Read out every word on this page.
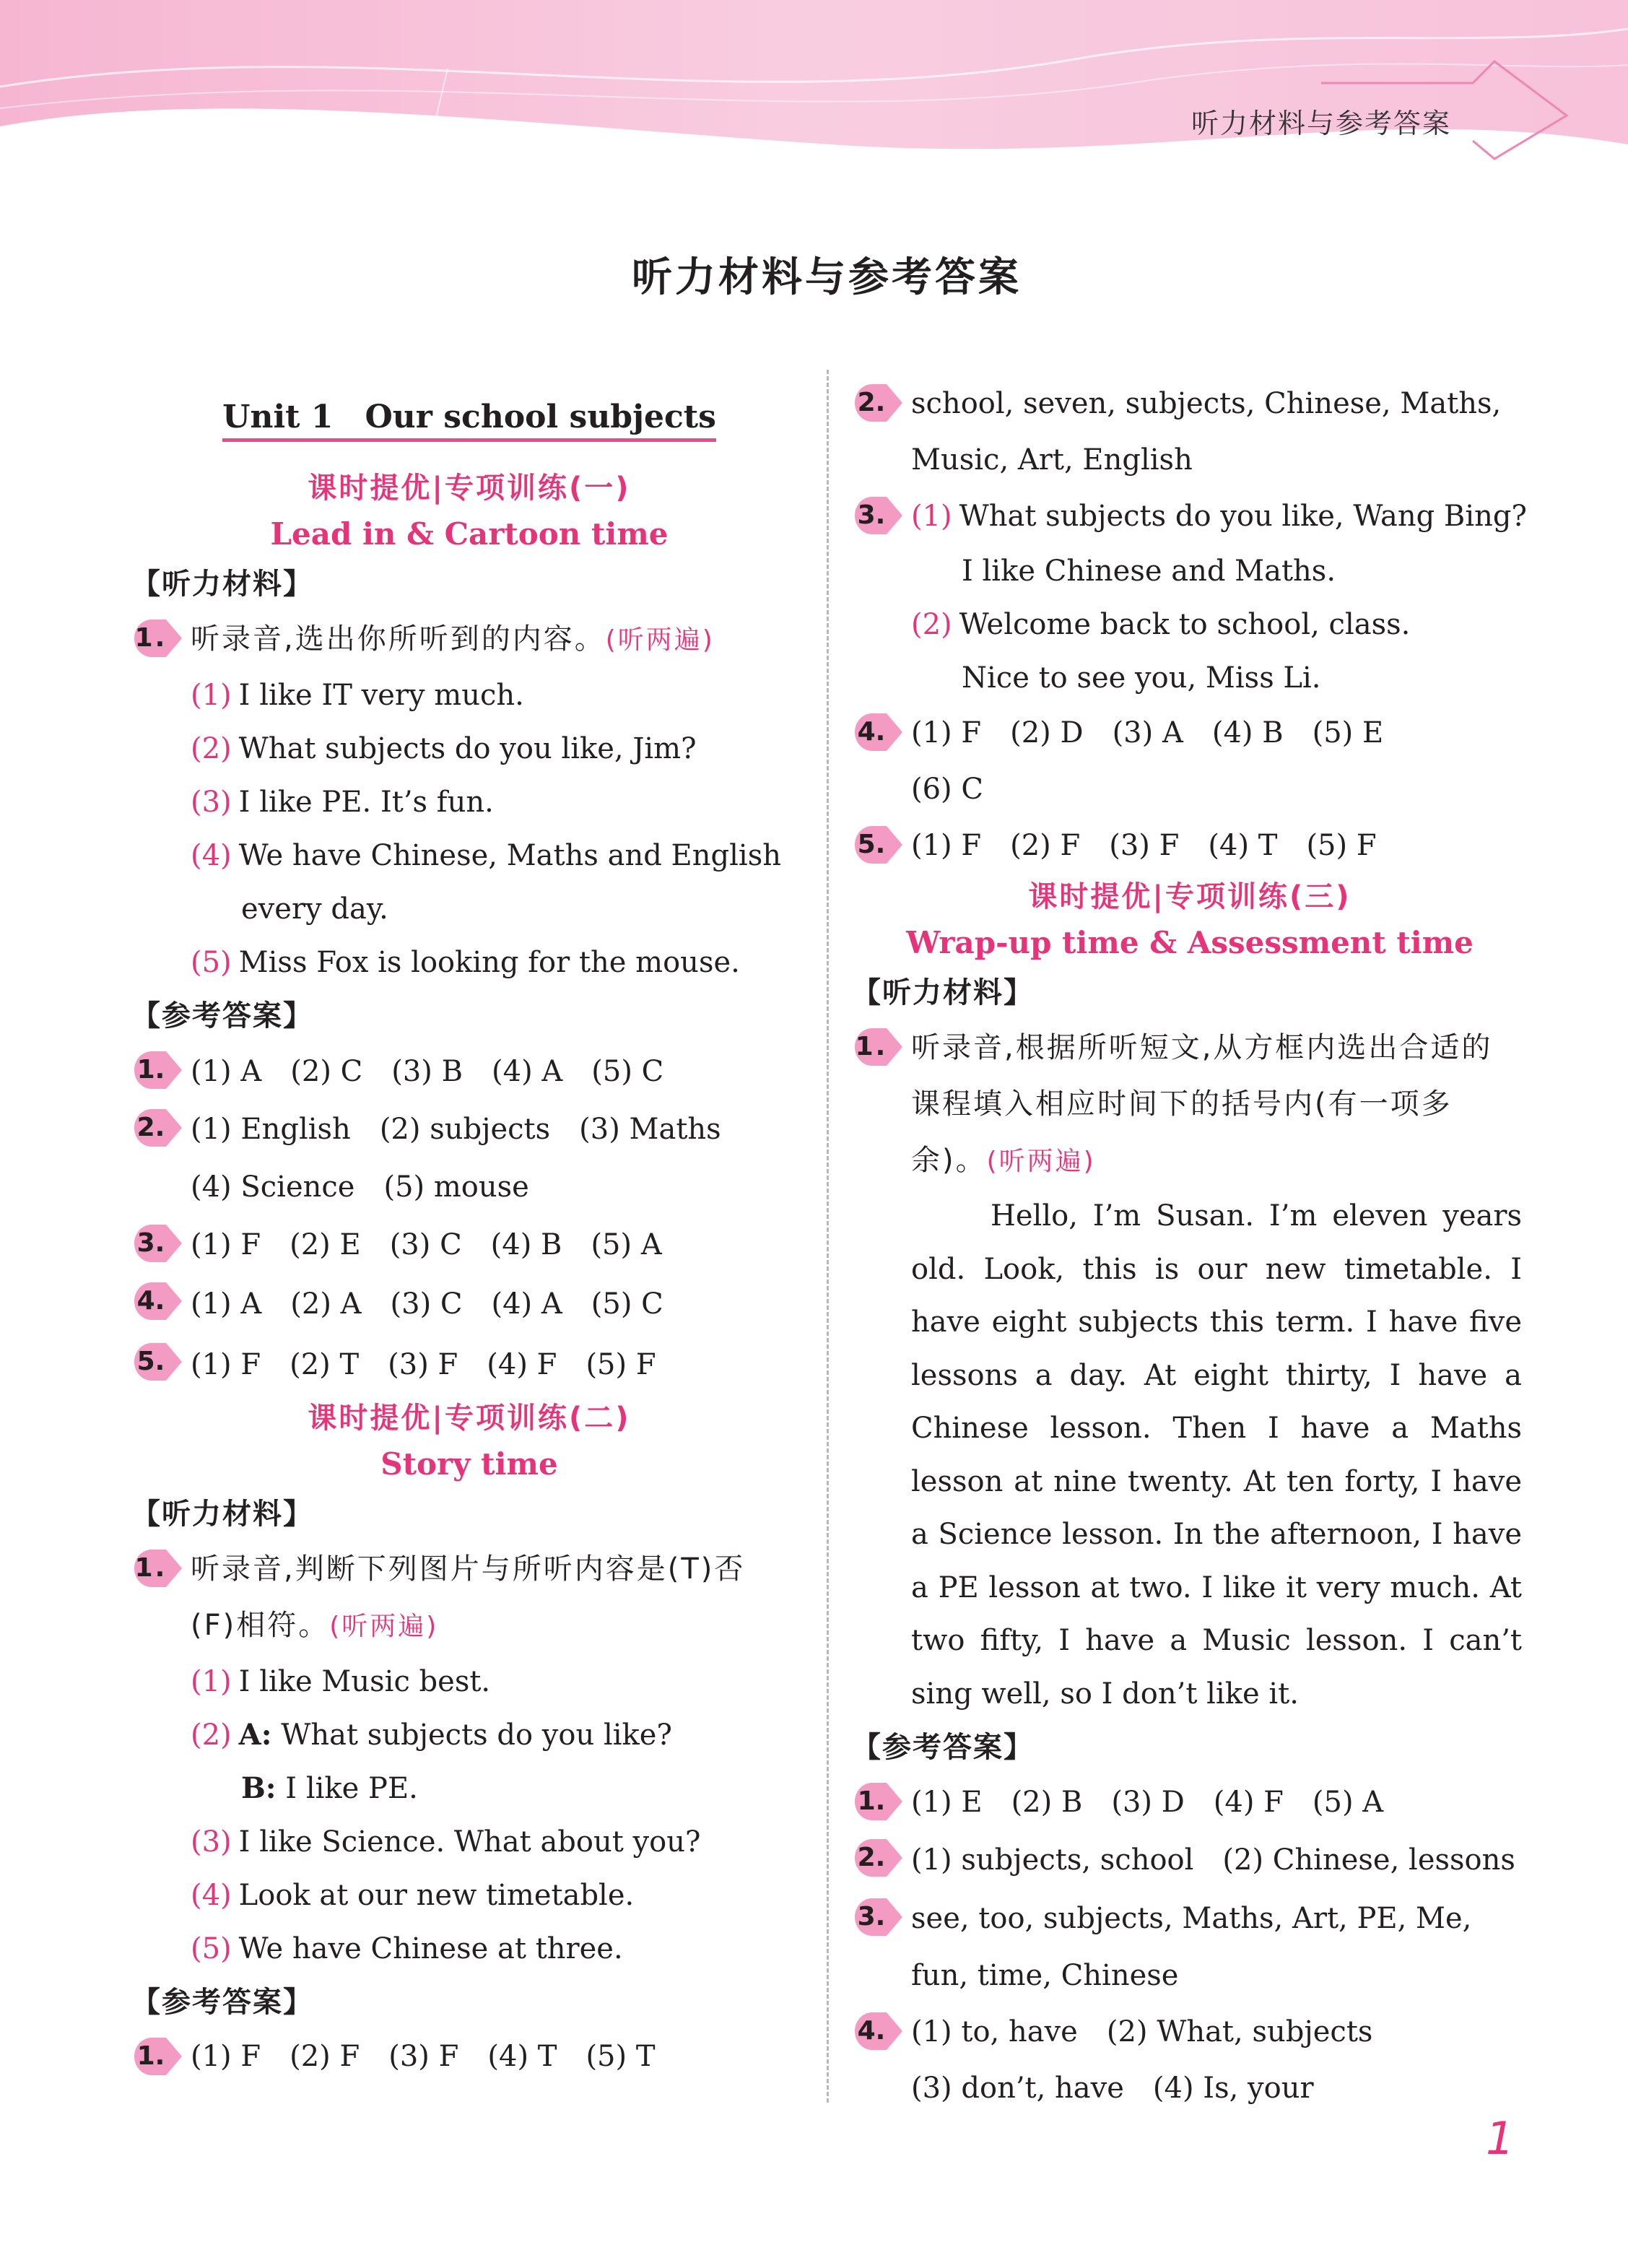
听力材料与参考答案
听力材料与参考答案
Unit 1　Our school subjects
课时提优|专项训练(一)
Lead in & Cartoon time
【听力材料】
1. 听录音,选出你所听到的内容。(听两遍)
(1) I like IT very much.
(2) What subjects do you like, Jim?
(3) I like PE. It’s fun.
(4) We have Chinese, Maths and English
every day.
(5) Miss Fox is looking for the mouse.
【参考答案】
1. (1) A　(2) C　(3) B　(4) A　(5) C
2. (1) English　(2) subjects　(3) Maths
(4) Science　(5) mouse
3. (1) F　(2) E　(3) C　(4) B　(5) A
4. (1) A　(2) A　(3) C　(4) A　(5) C
5. (1) F　(2) T　(3) F　(4) F　(5) F
课时提优|专项训练(二)
Story time
【听力材料】
1. 听录音,判断下列图片与所听内容是(T)否
(F)相符。(听两遍)
(1) I like Music best.
(2) A: What subjects do you like?
B: I like PE.
(3) I like Science. What about you?
(4) Look at our new timetable.
(5) We have Chinese at three.
【参考答案】
1. (1) F　(2) F　(3) F　(4) T　(5) T
2. school, seven, subjects, Chinese, Maths,
Music, Art, English
3. (1) What subjects do you like, Wang Bing?
I like Chinese and Maths.
(2) Welcome back to school, class.
Nice to see you, Miss Li.
4. (1) F　(2) D　(3) A　(4) B　(5) E
(6) C
5. (1) F　(2) F　(3) F　(4) T　(5) F
课时提优|专项训练(三)
Wrap-up time & Assessment time
【听力材料】
1. 听录音,根据所听短文,从方框内选出合适的
课程填入相应时间下的括号内(有一项多
余)。(听两遍)
Hello, I’m Susan. I’m eleven years old. Look, this is our new timetable. I have eight subjects this term. I have five lessons a day. At eight thirty, I have a Chinese lesson. Then I have a Maths lesson at nine twenty. At ten forty, I have a Science lesson. In the afternoon, I have a PE lesson at two. I like it very much. At two fifty, I have a Music lesson. I can’t sing well, so I don’t like it.
【参考答案】
1. (1) E　(2) B　(3) D　(4) F　(5) A
2. (1) subjects, school　(2) Chinese, lessons
3. see, too, subjects, Maths, Art, PE, Me,
fun, time, Chinese
4. (1) to, have　(2) What, subjects
(3) don’t, have　(4) Is, your
1
